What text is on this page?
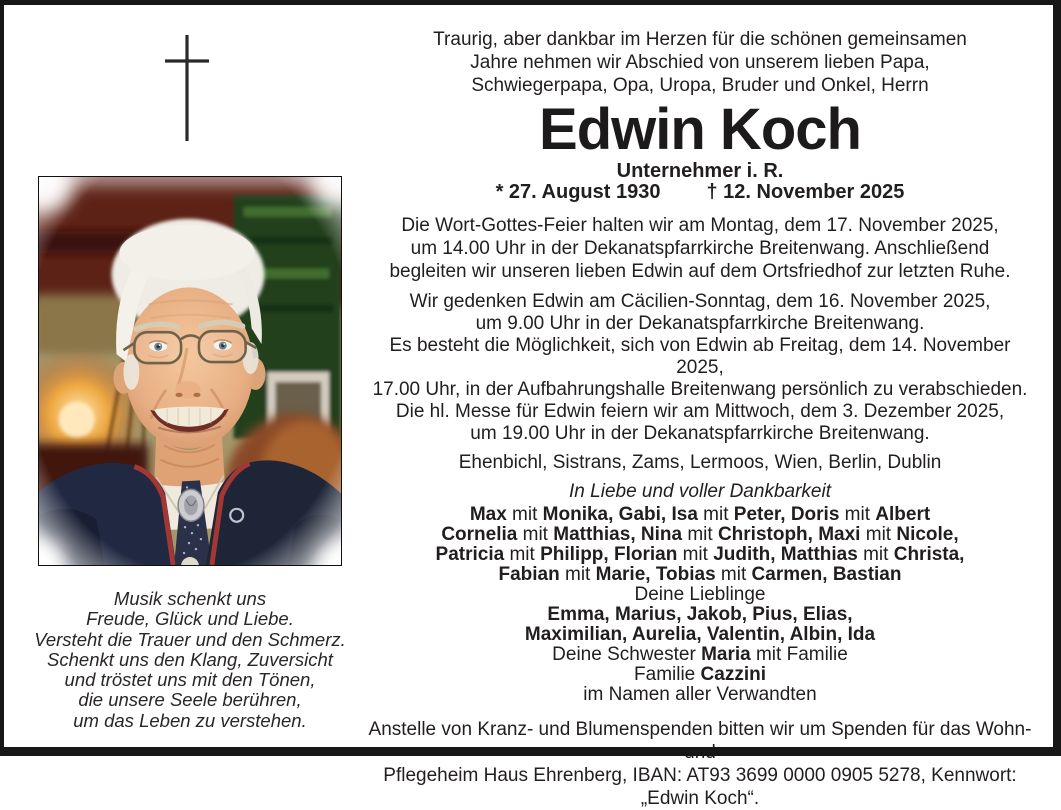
Musik schenkt uns
Freude, Glück und Liebe.
Versteht die Trauer und den Schmerz.
Schenkt uns den Klang, Zuversicht
und tröstet uns mit den Tönen,
die unsere Seele berühren,
um das Leben zu verstehen.
Traurig, aber dankbar im Herzen für die schönen gemeinsamen
Jahre nehmen wir Abschied von unserem lieben Papa,
Schwiegerpapa, Opa, Uropa, Bruder und Onkel, Herrn
Edwin Koch
Unternehmer i. R.
* 27. August 1930 † 12. November 2025
Die Wort-Gottes-Feier halten wir am Montag, dem 17. November 2025,
um 14.00 Uhr in der Dekanatspfarrkirche Breitenwang. Anschließend
begleiten wir unseren lieben Edwin auf dem Ortsfriedhof zur letzten Ruhe.
Wir gedenken Edwin am Cäcilien-Sonntag, dem 16. November 2025,
um 9.00 Uhr in der Dekanatspfarrkirche Breitenwang.
Es besteht die Möglichkeit, sich von Edwin ab Freitag, dem 14. November 2025,
17.00 Uhr, in der Aufbahrungshalle Breitenwang persönlich zu verabschieden.
Die hl. Messe für Edwin feiern wir am Mittwoch, dem 3. Dezember 2025,
um 19.00 Uhr in der Dekanatspfarrkirche Breitenwang.
Ehenbichl, Sistrans, Zams, Lermoos, Wien, Berlin, Dublin
In Liebe und voller Dankbarkeit
Max mit Monika, Gabi, Isa mit Peter, Doris mit Albert
Cornelia mit Matthias, Nina mit Christoph, Maxi mit Nicole,
Patricia mit Philipp, Florian mit Judith, Matthias mit Christa,
Fabian mit Marie, Tobias mit Carmen, Bastian
Deine Lieblinge
Emma, Marius, Jakob, Pius, Elias,
Maximilian, Aurelia, Valentin, Albin, Ida
Deine Schwester Maria mit Familie
Familie Cazzini
im Namen aller Verwandten
Anstelle von Kranz- und Blumenspenden bitten wir um Spenden für das Wohn- und
Pflegeheim Haus Ehrenberg, IBAN: AT93 3699 0000 0905 5278, Kennwort: „Edwin Koch“.
